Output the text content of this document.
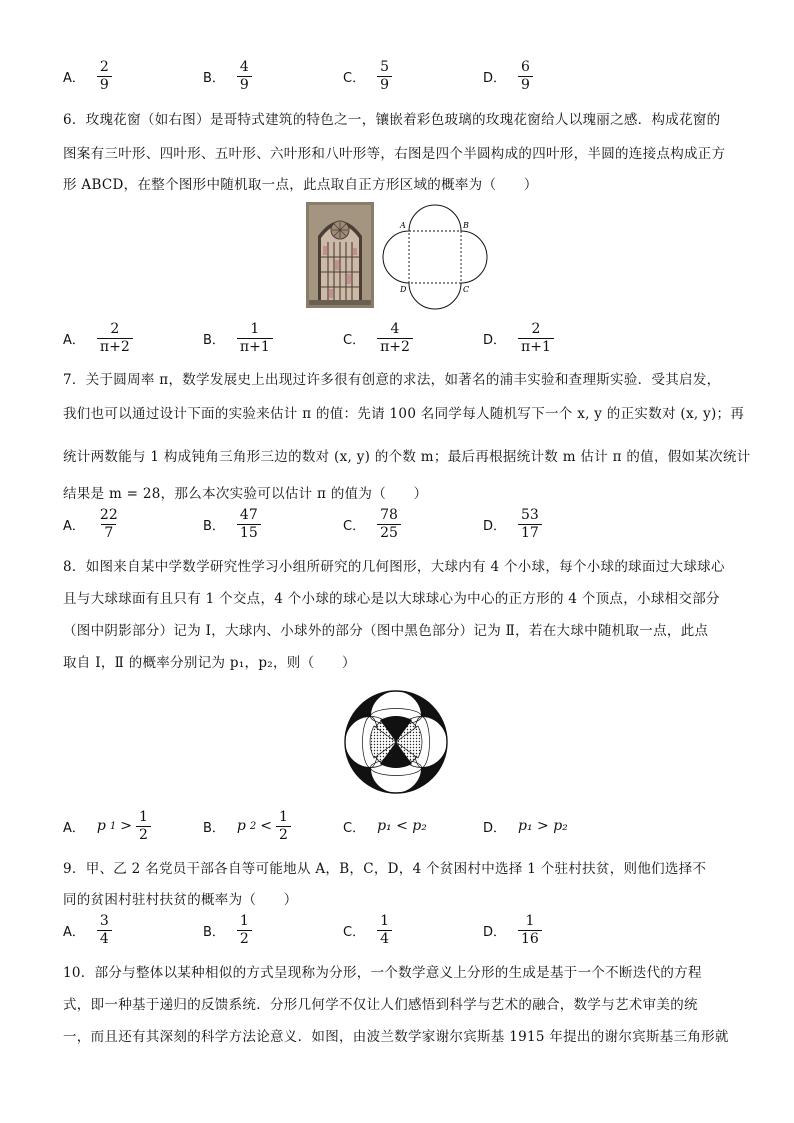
A． $\frac{2}{9}$	B． $\frac{4}{9}$	C． $\frac{5}{9}$	D． $\frac{6}{9}$
6．玫瑰花窗（如右图）是哥特式建筑的特色之一，镶嵌着彩色玻璃的玫瑰花窗给人以瑰丽之感．构成花窗的
图案有三叶形、四叶形、五叶形、六叶形和八叶形等，右图是四个半圆构成的四叶形，半圆的连接点构成正方
形 ABCD，在整个图形中随机取一点，此点取自正方形区域的概率为（　　）
A	B
C
D
A． $\frac{2}{\pi+2}$	B． $\frac{1}{\pi+1}$	C． $\frac{4}{\pi+2}$	D． $\frac{2}{\pi+1}$
7．关于圆周率 π，数学发展史上出现过许多很有创意的求法，如著名的浦丰实验和查理斯实验．受其启发，
我们也可以通过设计下面的实验来估计 π 的值：先请 100 名同学每人随机写下一个 x, y 的正实数对 (x, y)；再
统计两数能与 1 构成钝角三角形三边的数对 (x, y) 的个数 m；最后再根据统计数 m 估计 π 的值，假如某次统计
结果是 m = 28，那么本次实验可以估计 π 的值为（　　）
A． $\frac{22}{7}$	B． $\frac{47}{15}$	C． $\frac{78}{25}$	D． $\frac{53}{17}$
8．如图来自某中学数学研究性学习小组所研究的几何图形，大球内有 4 个小球，每个小球的球面过大球球心
且与大球球面有且只有 1 个交点，4 个小球的球心是以大球球心为中心的正方形的 4 个顶点，小球相交部分
（图中阴影部分）记为 Ⅰ，大球内、小球外的部分（图中黑色部分）记为 Ⅱ，若在大球中随机取一点，此点
取自 Ⅰ，Ⅱ 的概率分别记为 p₁，p₂，则（　　）
A． p $1 > \frac{1}{2}$	B． p $2 < \frac{1}{2}$	C． p₁ < p₂	D． p₁ > p₂
9．甲、乙 2 名党员干部各自等可能地从 A，B，C，D，4 个贫困村中选择 1 个驻村扶贫，则他们选择不
同的贫困村驻村扶贫的概率为（　　）
A． $\frac{3}{4}$	B． $\frac{1}{2}$	C． $\frac{1}{4}$	D． $\frac{1}{16}$
10．部分与整体以某种相似的方式呈现称为分形，一个数学意义上分形的生成是基于一个不断迭代的方程
式，即一种基于递归的反馈系统．分形几何学不仅让人们感悟到科学与艺术的融合，数学与艺术审美的统
一，而且还有其深刻的科学方法论意义．如图，由波兰数学家谢尔宾斯基 1915 年提出的谢尔宾斯基三角形就
